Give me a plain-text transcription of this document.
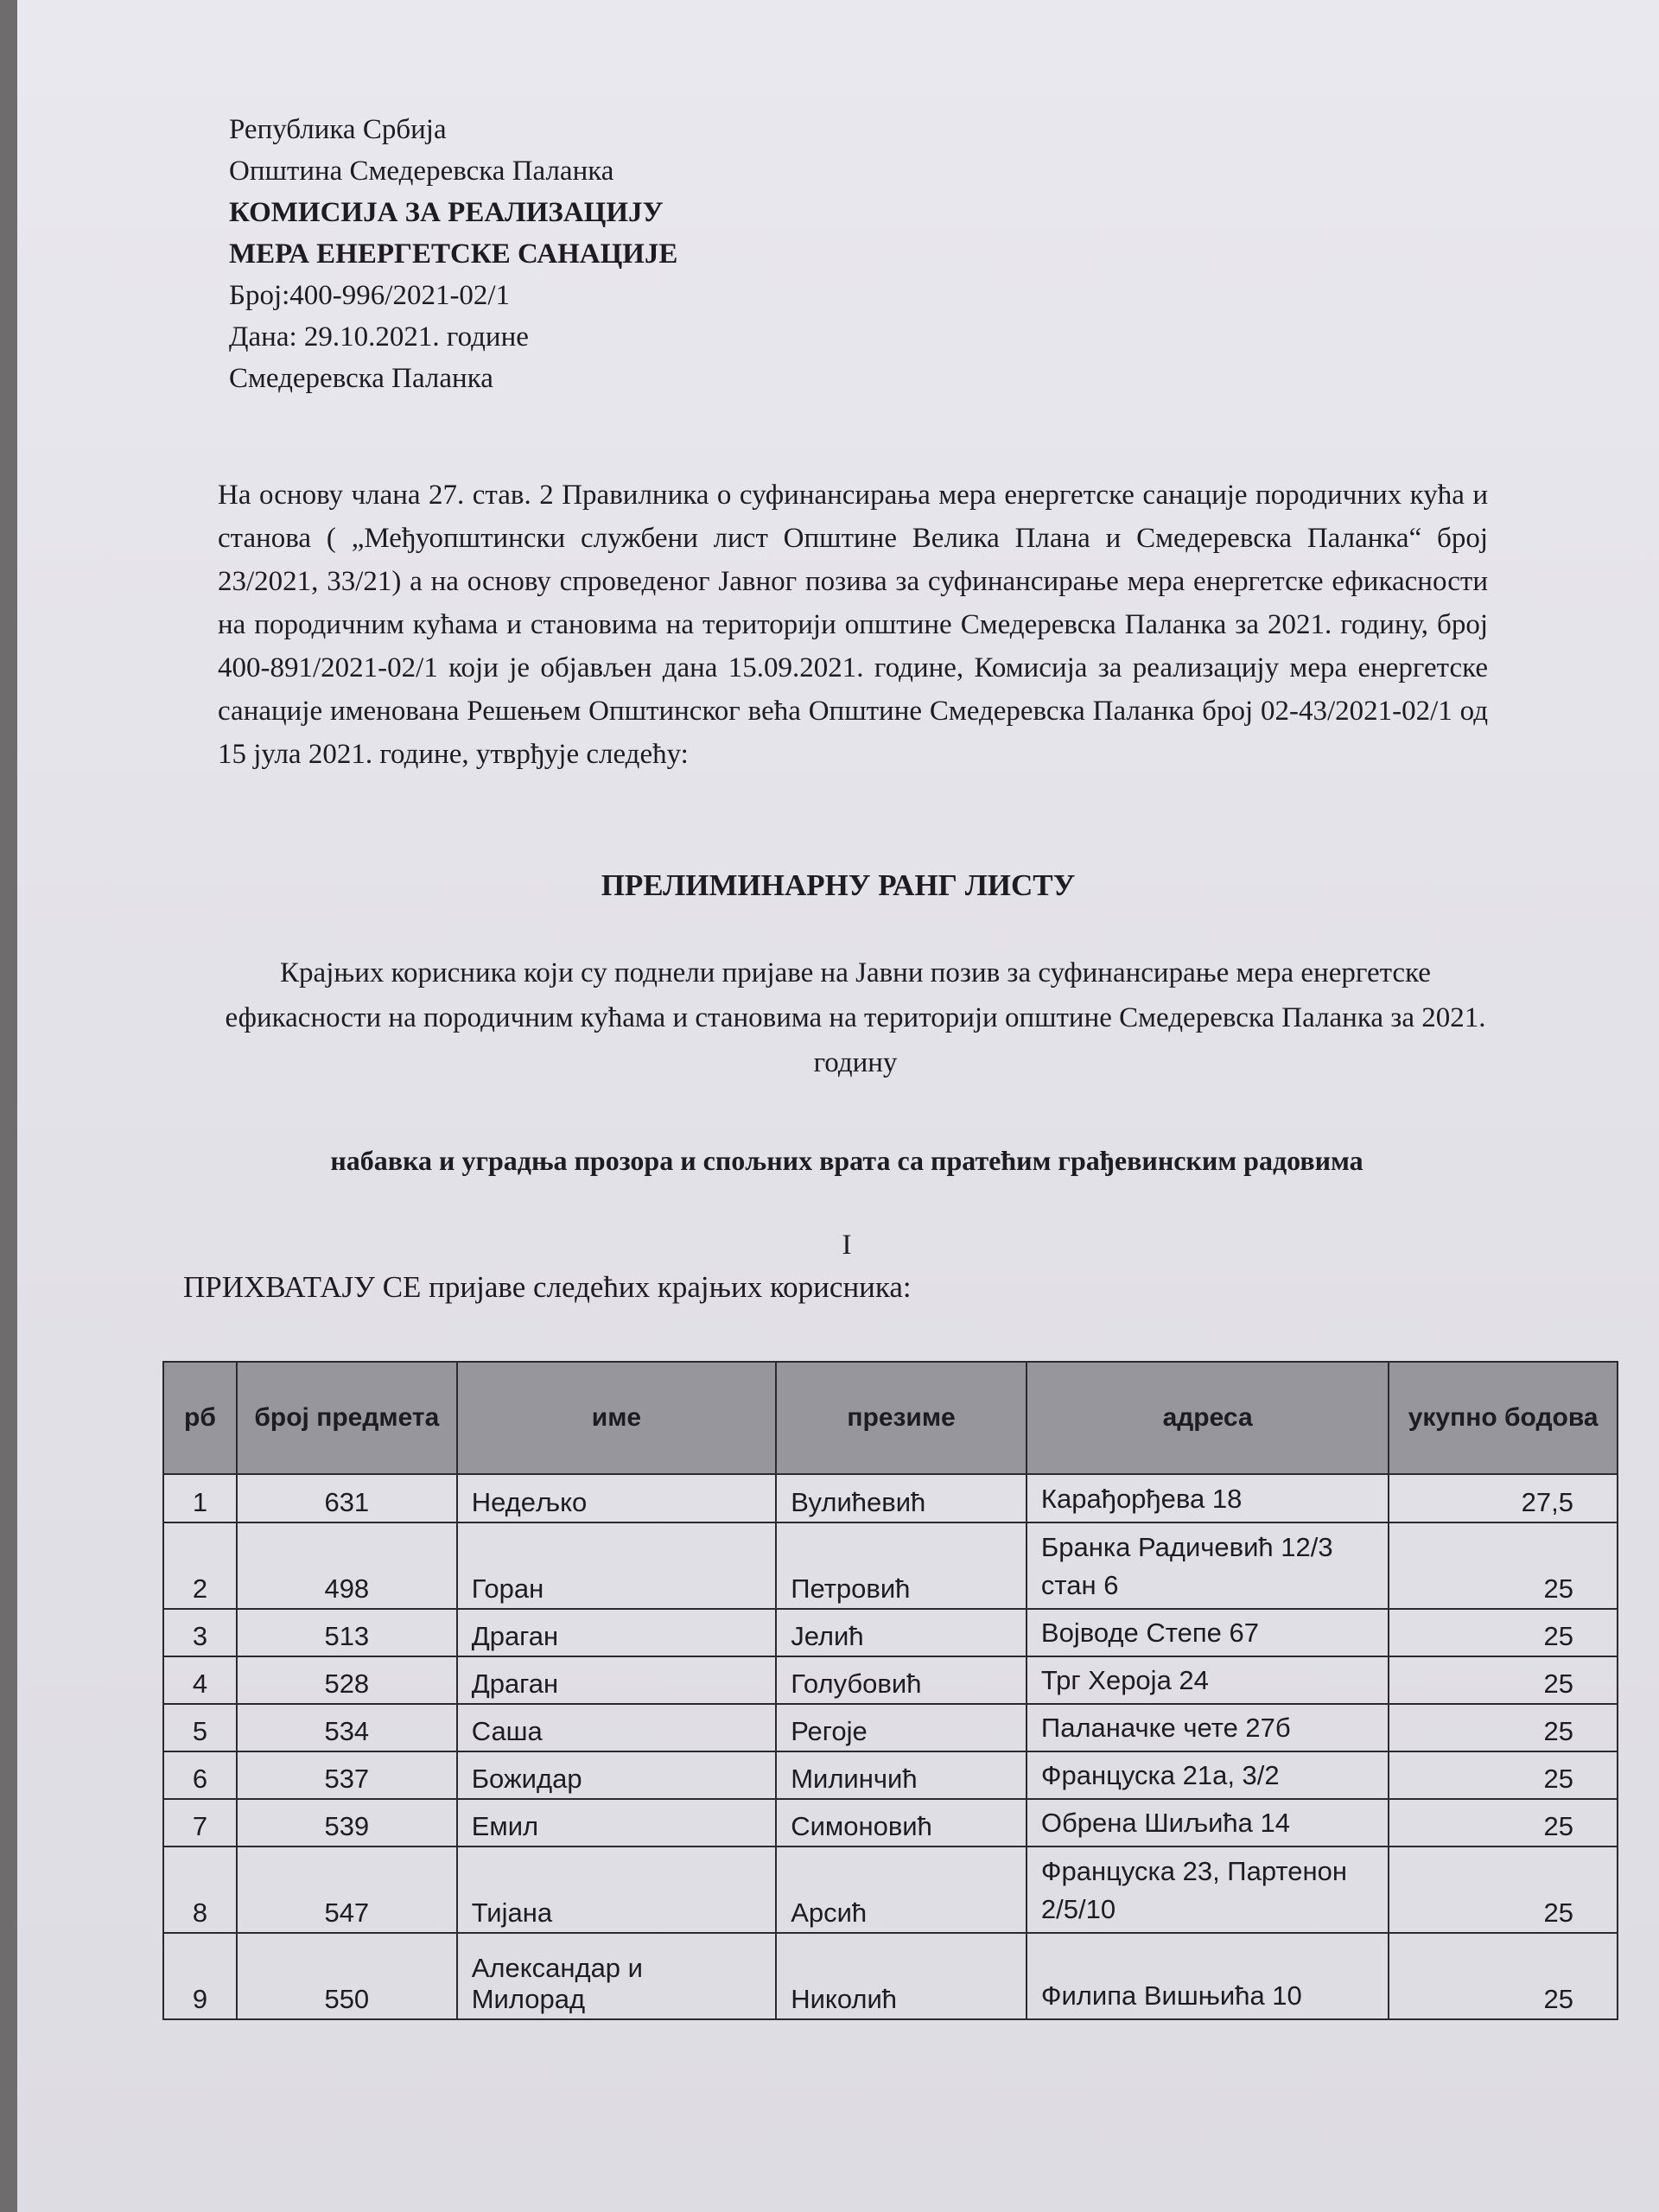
Република Србија
Општина Смедеревска Паланка
КОМИСИЈА ЗА РЕАЛИЗАЦИЈУ
МЕРА ЕНЕРГЕТСКЕ САНАЦИЈЕ
Број:400-996/2021-02/1
Дана: 29.10.2021. године
Смедеревска Паланка
На основу члана 27. став. 2 Правилника о суфинансирања мера енергетске санације породичних кућа и станова ( „Међуопштински службени лист Општине Велика Плана и Смедеревска Паланка“ број 23/2021, 33/21) а на основу спроведеног Јавног позива за суфинансирање мера енергетске ефикасности на породичним кућама и становима на територији општине Смедеревска Паланка за 2021. годину, број 400-891/2021-02/1 који је објављен дана 15.09.2021. године, Комисија за реализацију мера енергетске санације именована Решењем Општинског већа Општине Смедеревска Паланка број 02-43/2021-02/1 од 15 јула 2021. године, утврђује следећу:
ПРЕЛИМИНАРНУ РАНГ ЛИСТУ
Крајњих корисника који су поднели пријаве на Јавни позив за суфинансирање мера енергетске ефикасности на породичним кућама и становима на територији општине Смедеревска Паланка за 2021. годину
набавка и уградња прозора и спољних врата са пратећим грађевинским радовима
I
ПРИХВАТАЈУ СЕ пријаве следећих крајњих корисника:
рб	број предмета	име	презиме	адреса	укупно бодова
1	631	Недељко	Вулићевић	Карађорђева 18	27,5
2	498	Горан	Петровић	Бранка Радичевић 12/3 стан 6	25
3	513	Драган	Јелић	Војводе Степе 67	25
4	528	Драган	Голубовић	Трг Хероја 24	25
5	534	Саша	Регоје	Паланачке чете 27б	25
6	537	Божидар	Милинчић	Француска 21а, 3/2	25
7	539	Емил	Симоновић	Обрена Шиљића 14	25
8	547	Тијана	Арсић	Француска 23, Партенон 2/5/10	25
9	550	Александар и Милорад	Николић	Филипа Вишњића 10	25
